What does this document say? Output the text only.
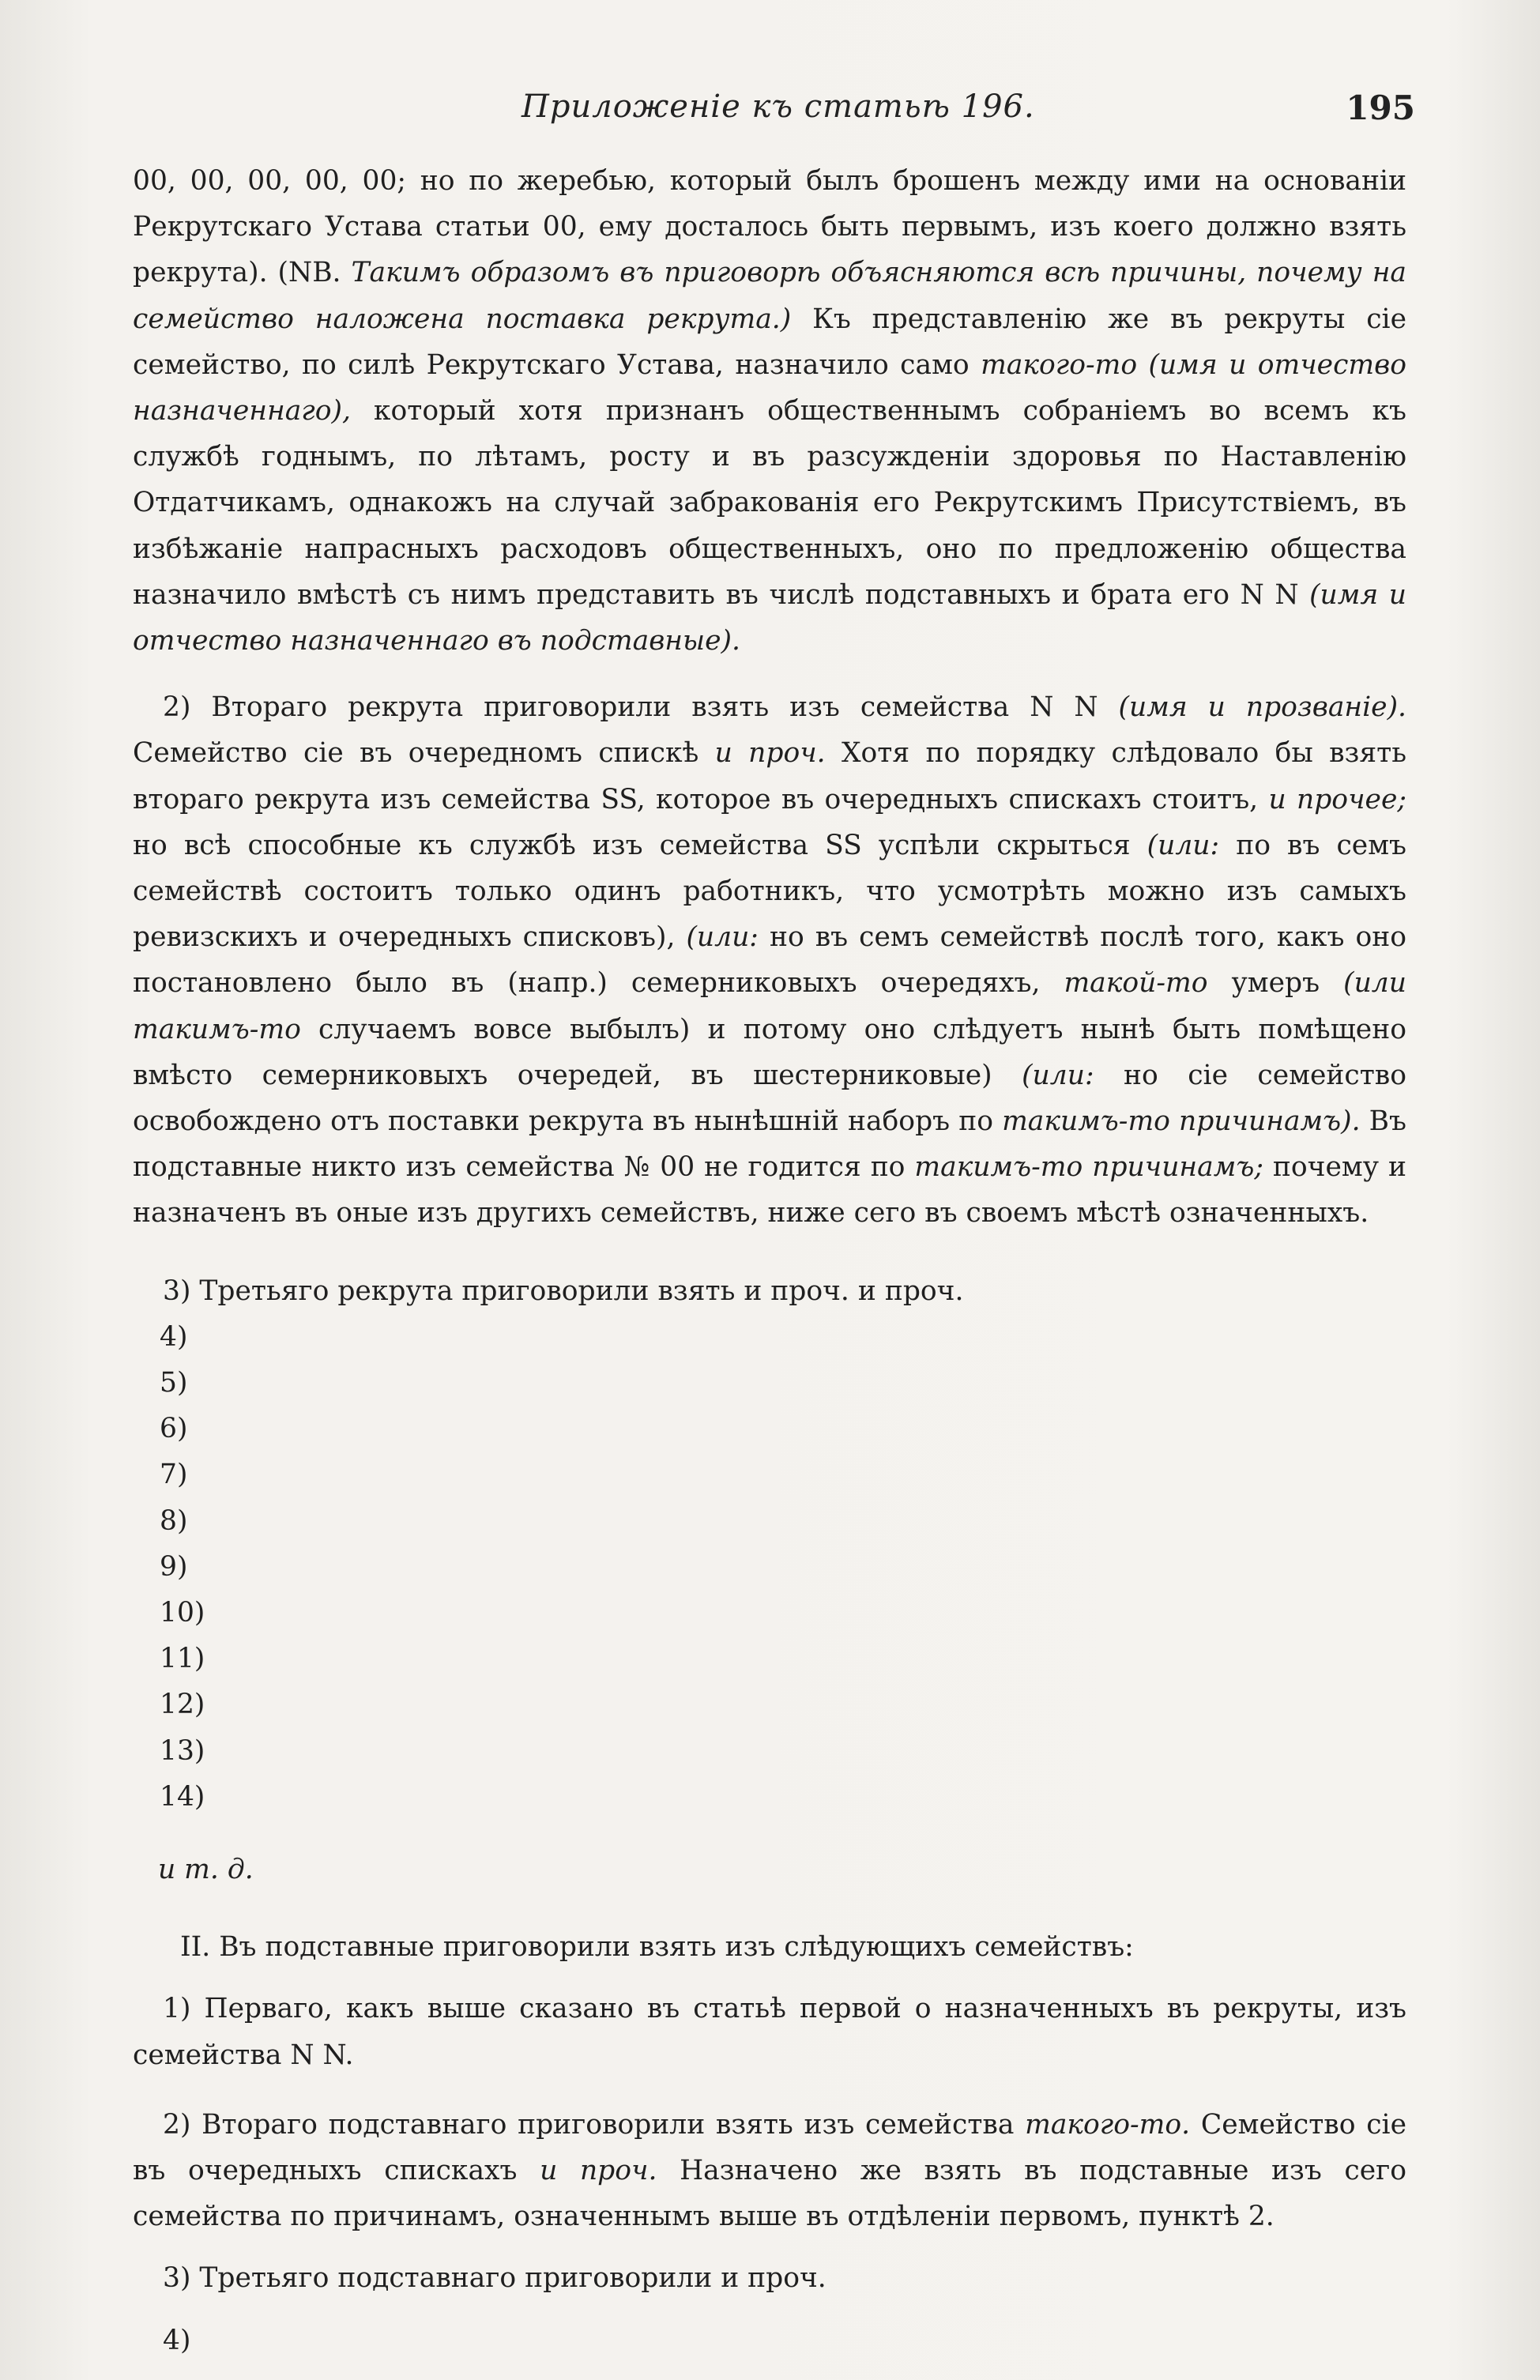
Приложеніе къ статьѣ 196.	195

00, 00, 00, 00, 00; но по жеребью, который былъ брошенъ между ими на основаніи Рекрутскаго Устава статьи 00, ему досталось быть первымъ, изъ коего должно взять рекрута). (NB. Такимъ образомъ въ приговорѣ объясняются всѣ причины, почему на семейство наложена поставка рекрута.) Къ представленію же въ рекруты сіе семейство, по силѣ Рекрутскаго Устава, назначило само такого-то (имя и отчество назначеннаго), который хотя признанъ общественнымъ собраніемъ во всемъ къ службѣ годнымъ, по лѣтамъ, росту и въ разсужденіи здоровья по Наставленію Отдатчикамъ, однакожъ на случай забракованія его Рекрутскимъ Присутствіемъ, въ избѣжаніе напрасныхъ расходовъ общественныхъ, оно по предложенію общества назначило вмѣстѣ съ нимъ представить въ числѣ подставныхъ и брата его N N (имя и отчество назначеннаго въ подставные).

2) Втораго рекрута приговорили взять изъ семейства N N (имя и прозваніе). Семейство сіе въ очередномъ спискѣ и проч. Хотя по порядку слѣдовало бы взять втораго рекрута изъ семейства SS, которое въ очередныхъ спискахъ стоитъ, и прочее; но всѣ способные къ службѣ изъ семейства SS успѣли скрыться (или: по въ семъ семействѣ состоитъ только одинъ работникъ, что усмотрѣть можно изъ самыхъ ревизскихъ и очередныхъ списковъ), (или: но въ семъ семействѣ послѣ того, какъ оно постановлено было въ (напр.) семерниковыхъ очередяхъ, такой-то умеръ (или такимъ-то случаемъ вовсе выбылъ) и потому оно слѣдуетъ нынѣ быть помѣщено вмѣсто семерниковыхъ очередей, въ шестерниковые) (или: но сіе семейство освобождено отъ поставки рекрута въ нынѣшній наборъ по такимъ-то причинамъ). Въ подставные никто изъ семейства № 00 не годится по такимъ-то причинамъ; почему и назначенъ въ оные изъ другихъ семействъ, ниже сего въ своемъ мѣстѣ означенныхъ.

3) Третьяго рекрута приговорили взять и проч. и проч.

4)
5)
6)
7)
8)
9)
10)
11)
12)
13)
14)

и т. д.

II. Въ подставные приговорили взять изъ слѣдующихъ семействъ:

1) Перваго, какъ выше сказано въ статьѣ первой о назначенныхъ въ рекруты, изъ семейства N N.

2) Втораго подставнаго приговорили взять изъ семейства такого-то. Семейство сіе въ очередныхъ спискахъ и проч. Назначено же взять въ подставные изъ сего семейства по причинамъ, означеннымъ выше въ отдѣленіи первомъ, пунктѣ 2.

3) Третьяго подставнаго приговорили и проч.

4)
